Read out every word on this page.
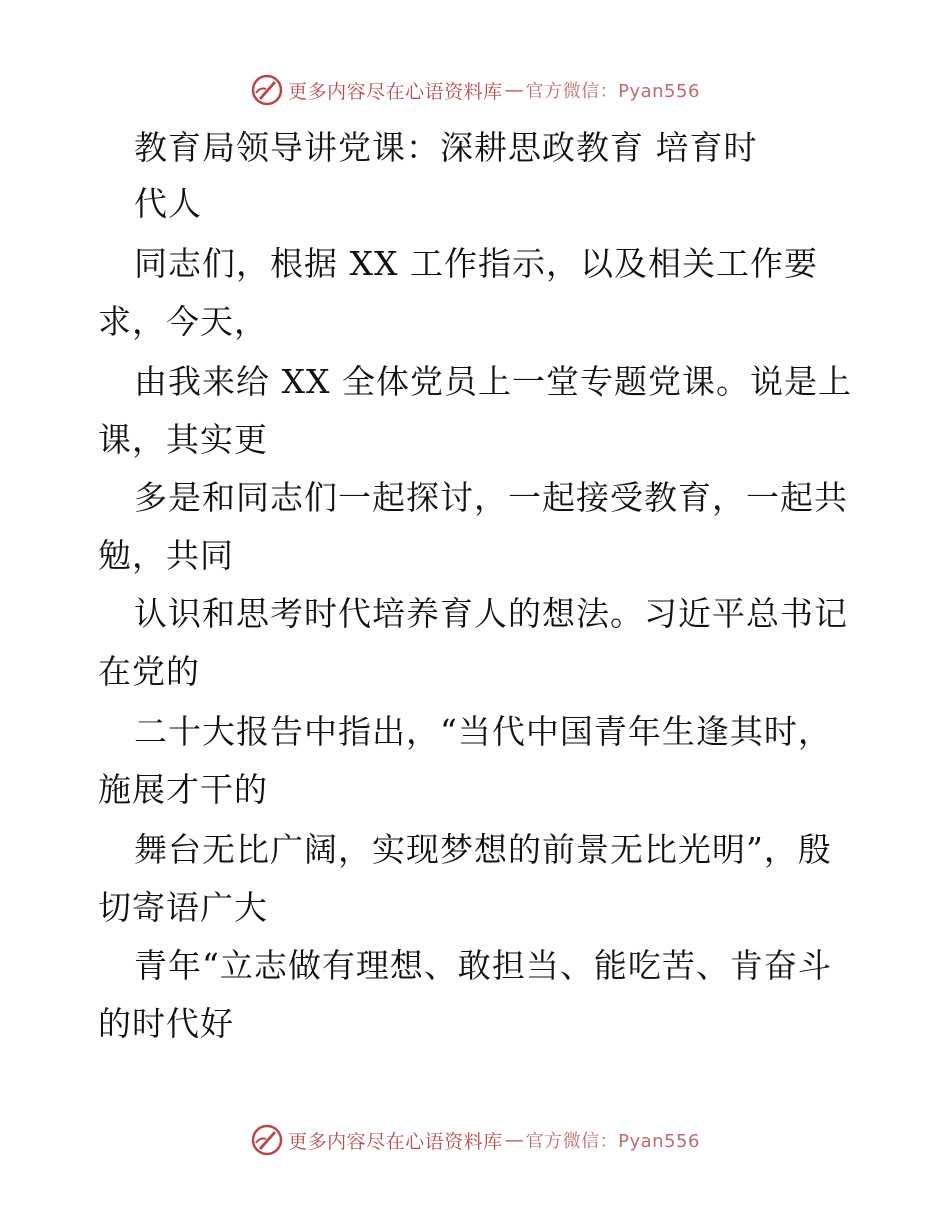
更多内容尽在心语资料库 — 官方微信：Pyan556
教育局领导讲党课：深耕思政教育 培育时
代人
同志们，根据 XX 工作指示，以及相关工作要
求，今天，
由我来给 XX 全体党员上一堂专题党课。说是上
课，其实更
多是和同志们一起探讨，一起接受教育，一起共
勉，共同
认识和思考时代培养育人的想法。习近平总书记
在党的
二十大报告中指出，“当代中国青年生逢其时，
施展才干的
舞台无比广阔，实现梦想的前景无比光明”，殷
切寄语广大
青年“立志做有理想、敢担当、能吃苦、肯奋斗
的时代好
更多内容尽在心语资料库 — 官方微信：Pyan556
